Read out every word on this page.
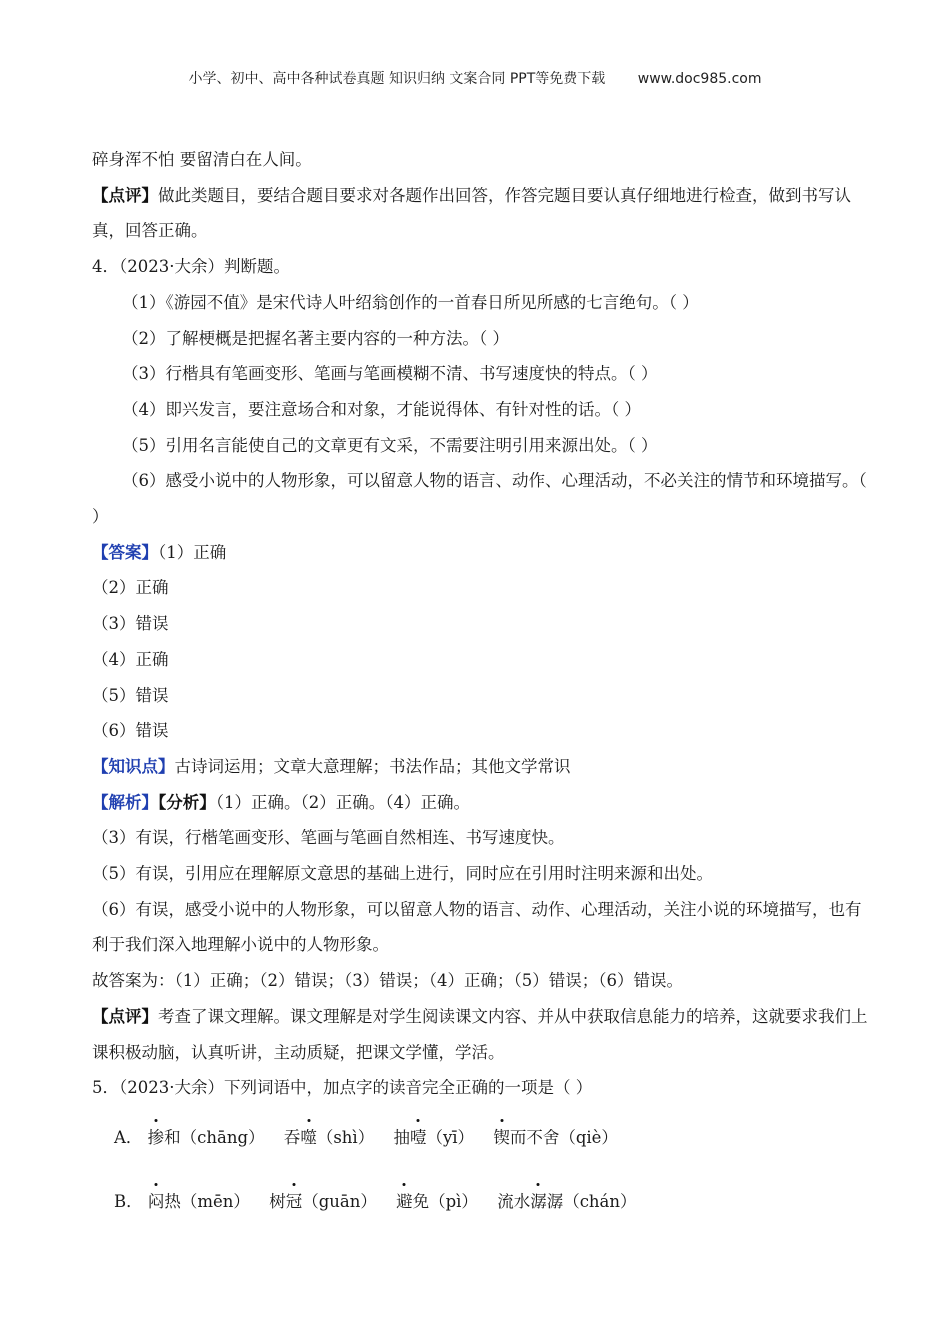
小学、初中、高中各种试卷真题 知识归纳 文案合同 PPT等免费下载 www.doc985.com
碎身浑不怕 要留清白在人间。
【点评】做此类题目，要结合题目要求对各题作出回答，作答完题目要认真仔细地进行检查，做到书写认真，回答正确。
4．（2023·大余）判断题。
（1）《游园不值》是宋代诗人叶绍翁创作的一首春日所见所感的七言绝句。（ ）
（2）了解梗概是把握名著主要内容的一种方法。（ ）
（3）行楷具有笔画变形、笔画与笔画模糊不清、书写速度快的特点。（ ）
（4）即兴发言，要注意场合和对象，才能说得体、有针对性的话。（ ）
（5）引用名言能使自己的文章更有文采，不需要注明引用来源出处。（ ）
（6）感受小说中的人物形象，可以留意人物的语言、动作、心理活动，不必关注的情节和环境描写。（ ）
【答案】（1）正确
（2）正确
（3）错误
（4）正确
（5）错误
（6）错误
【知识点】古诗词运用；文章大意理解；书法作品；其他文学常识
【解析】【分析】（1）正确。（2）正确。（4）正确。
（3）有误，行楷笔画变形、笔画与笔画自然相连、书写速度快。
（5）有误，引用应在理解原文意思的基础上进行，同时应在引用时注明来源和出处。
（6）有误，感受小说中的人物形象，可以留意人物的语言、动作、心理活动，关注小说的环境描写，也有利于我们深入地理解小说中的人物形象。
故答案为：（1）正确；（2）错误；（3）错误；（4）正确；（5）错误；（6）错误。
【点评】考查了课文理解。课文理解是对学生阅读课文内容、并从中获取信息能力的培养，这就要求我们上课积极动脑，认真听讲，主动质疑，把课文学懂，学活。
5．（2023·大余）下列词语中，加点字的读音完全正确的一项是（ ）
A． 掺和（chāng） 吞噬（shì） 抽噎（yī） 锲而不舍（qiè）
B． 闷热（mēn） 树冠（guān） 避免（pì） 流水潺潺（chán）
